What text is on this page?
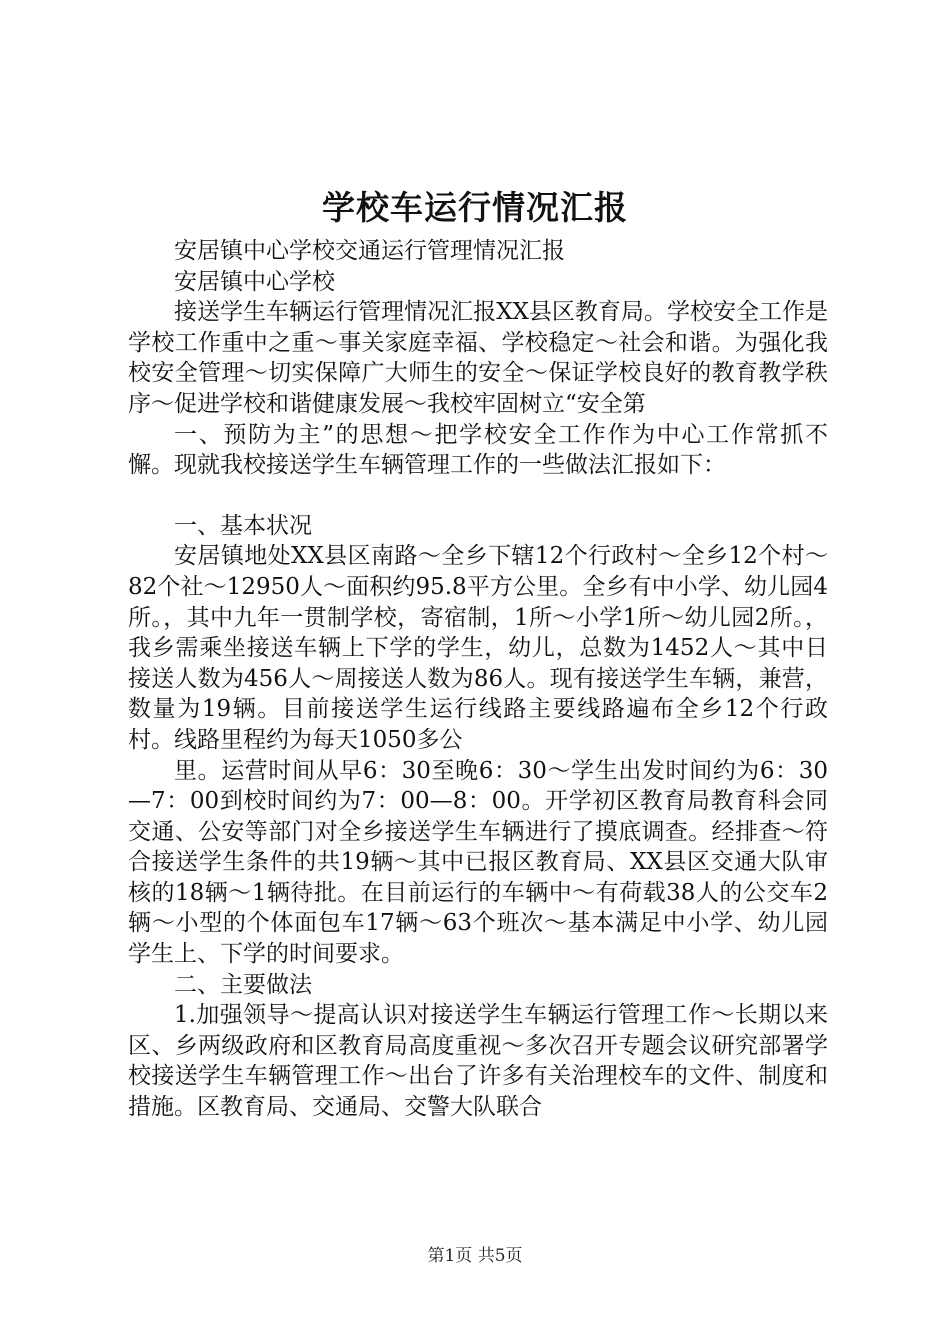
学校车运行情况汇报

安居镇中心学校交通运行管理情况汇报

安居镇中心学校

接送学生车辆运行管理情况汇报XX县区教育局。学校安全工作是学校工作重中之重～事关家庭幸福、学校稳定～社会和谐。为强化我校安全管理～切实保障广大师生的安全～保证学校良好的教育教学秩序～促进学校和谐健康发展～我校牢固树立“安全第

一、预防为主”的思想～把学校安全工作作为中心工作常抓不懈。现就我校接送学生车辆管理工作的一些做法汇报如下：

一、基本状况

安居镇地处XX县区南路～全乡下辖12个行政村～全乡12个村～82个社～12950人～面积约95.8平方公里。全乡有中小学、幼儿园4所。，其中九年一贯制学校，寄宿制，1所～小学1所～幼儿园2所。，我乡需乘坐接送车辆上下学的学生，幼儿，总数为1452人～其中日接送人数为456人～周接送人数为86人。现有接送学生车辆，兼营，数量为19辆。目前接送学生运行线路主要线路遍布全乡12个行政村。线路里程约为每天1050多公

里。运营时间从早6：30至晚6：30～学生出发时间约为6：30—7：00到校时间约为7：00—8：00。开学初区教育局教育科会同交通、公安等部门对全乡接送学生车辆进行了摸底调查。经排查～符合接送学生条件的共19辆～其中已报区教育局、XX县区交通大队审核的18辆～1辆待批。在目前运行的车辆中～有荷载38人的公交车2辆～小型的个体面包车17辆～63个班次～基本满足中小学、幼儿园学生上、下学的时间要求。

二、主要做法

1.加强领导～提高认识对接送学生车辆运行管理工作～长期以来区、乡两级政府和区教育局高度重视～多次召开专题会议研究部署学校接送学生车辆管理工作～出台了许多有关治理校车的文件、制度和措施。区教育局、交通局、交警大队联合

第1页 共5页
